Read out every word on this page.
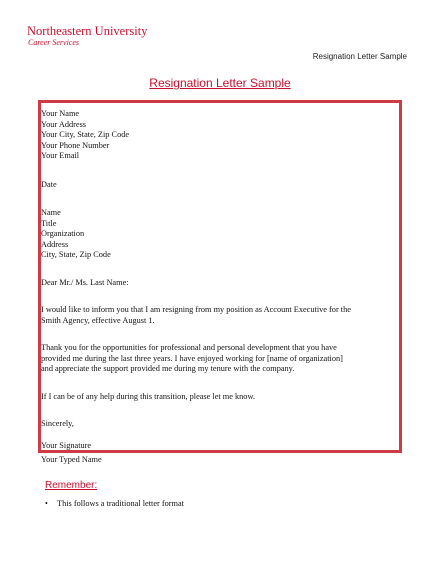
Northeastern University
Career Services
Resignation Letter Sample
Resignation Letter Sample
Your Name
Your Address
Your City, State, Zip Code
Your Phone Number
Your Email
Date
Name
Title
Organization
Address
City, State, Zip Code
Dear Mr./ Ms. Last Name:
I would like to inform you that I am resigning from my position as Account Executive for the
Smith Agency, effective August 1.
Thank you for the opportunities for professional and personal development that you have
provided me during the last three years. I have enjoyed working for [name of organization]
and appreciate the support provided me during my tenure with the company.
If I can be of any help during this transition, please let me know.
Sincerely,
Your Signature
Your Typed Name
Remember:
•	This follows a traditional letter format
